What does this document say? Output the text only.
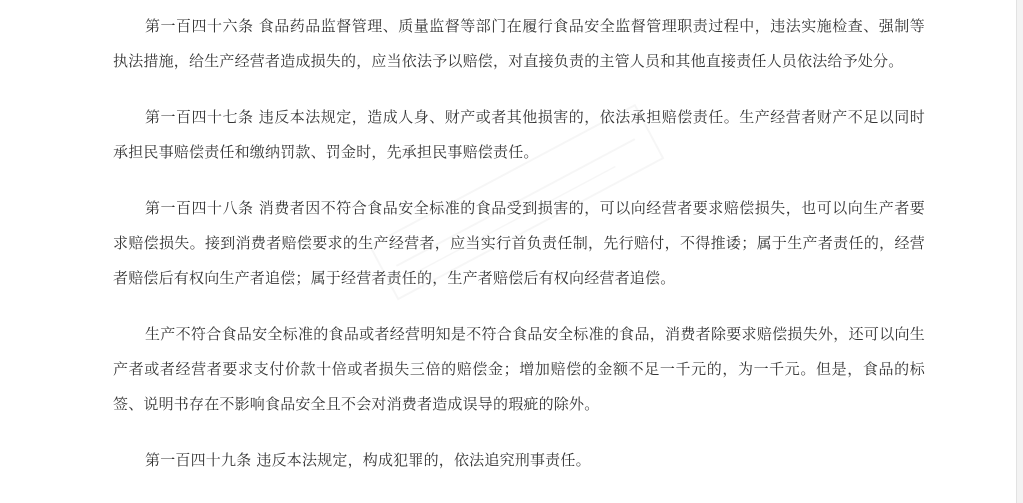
第一百四十六条 食品药品监督管理、质量监督等部门在履行食品安全监督管理职责过程中，违法实施检查、强制等执法措施，给生产经营者造成损失的，应当依法予以赔偿，对直接负责的主管人员和其他直接责任人员依法给予处分。

第一百四十七条 违反本法规定，造成人身、财产或者其他损害的，依法承担赔偿责任。生产经营者财产不足以同时承担民事赔偿责任和缴纳罚款、罚金时，先承担民事赔偿责任。

第一百四十八条 消费者因不符合食品安全标准的食品受到损害的，可以向经营者要求赔偿损失，也可以向生产者要求赔偿损失。接到消费者赔偿要求的生产经营者，应当实行首负责任制，先行赔付，不得推诿；属于生产者责任的，经营者赔偿后有权向生产者追偿；属于经营者责任的，生产者赔偿后有权向经营者追偿。

生产不符合食品安全标准的食品或者经营明知是不符合食品安全标准的食品，消费者除要求赔偿损失外，还可以向生产者或者经营者要求支付价款十倍或者损失三倍的赔偿金；增加赔偿的金额不足一千元的，为一千元。但是，食品的标签、说明书存在不影响食品安全且不会对消费者造成误导的瑕疵的除外。

第一百四十九条 违反本法规定，构成犯罪的，依法追究刑事责任。
